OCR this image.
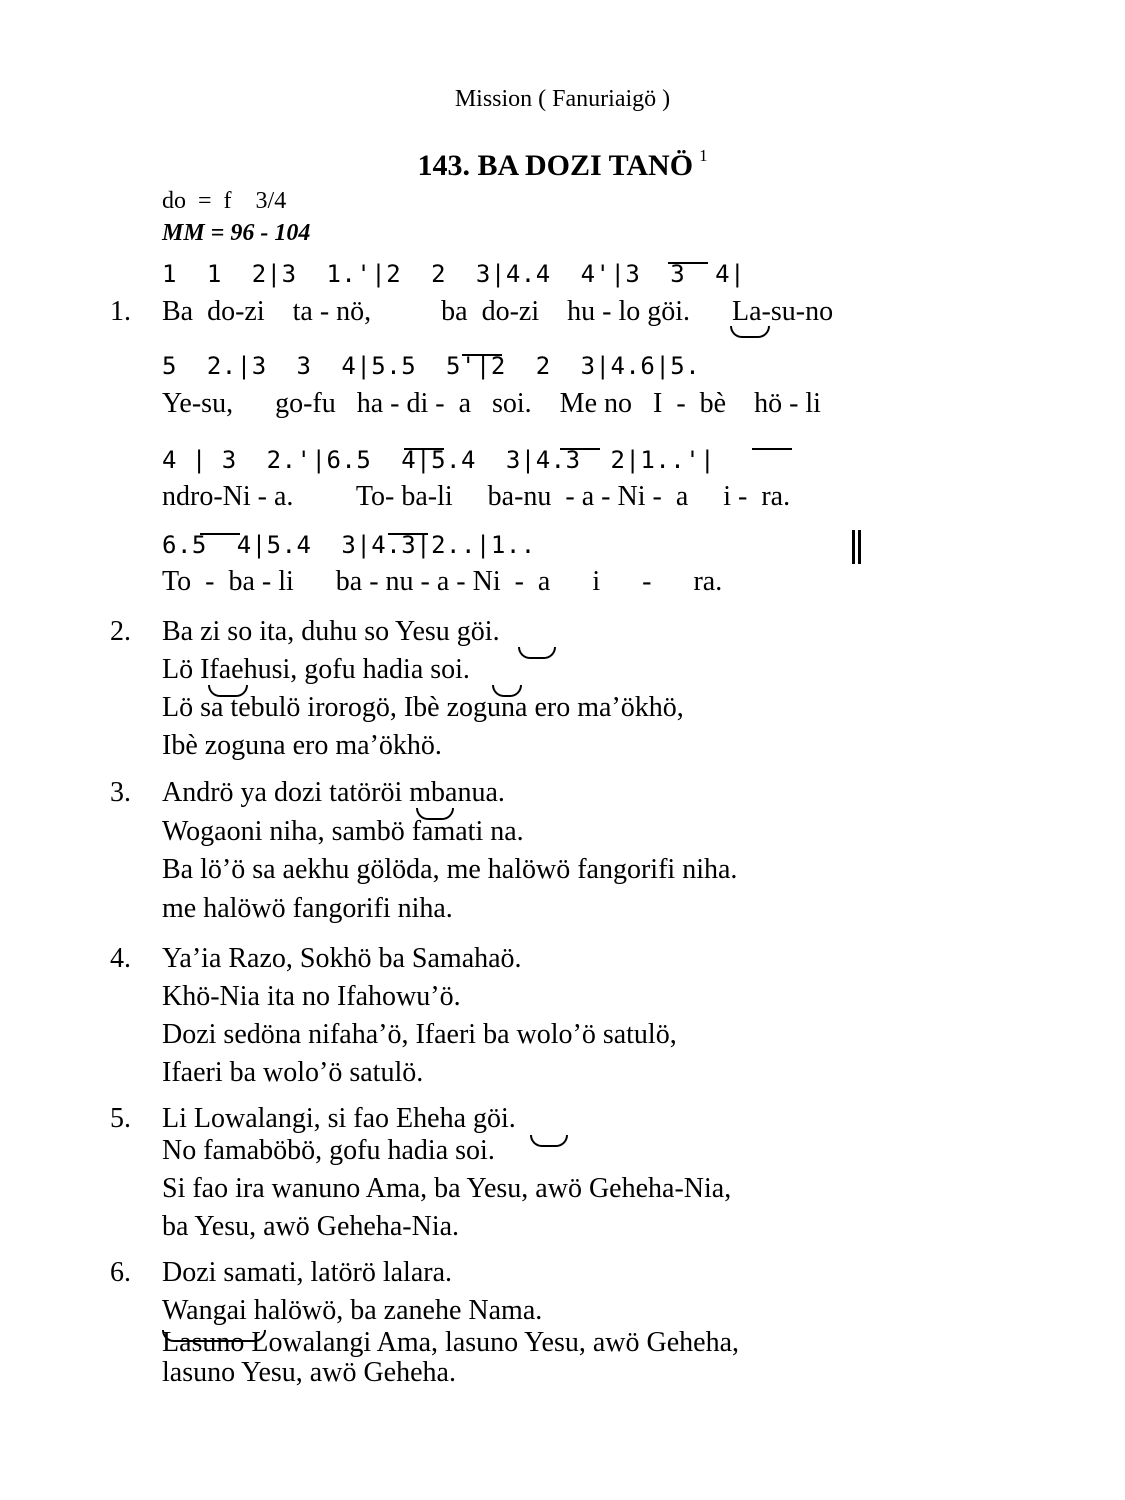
Mission ( Fanuriaigö )
143. BA DOZI TANÖ $^1$
do  =  f    3/4
MM = 96 - 104
1  1  2|3  1.'|2  2  3|4.4  4'|3  3  4|
1. Ba  do-zi    ta - nö,          ba  do-zi    hu - lo göi.      La-su-no
5  2.|3  3  4|5.5  5'|2  2  3|4.6|5.
Ye-su,      go-fu   ha - di -  a   soi.    Me no   I  -  bè    hö - li
4 | 3  2.'|6.5  4|5.4  3|4.3  2|1..'|
ndro-Ni - a.         To- ba-li     ba-nu  - a - Ni -  a     i -  ra.
6.5  4|5.4  3|4.3|2..|1..
To  -  ba - li      ba - nu - a - Ni  -  a      i      -      ra.
2. Ba zi so ita, duhu so Yesu göi.
Lö Ifaehusi, gofu hadia soi.
Lö sa tebulö irorogö, Ibè zoguna ero ma’ökhö,
Ibè zoguna ero ma’ökhö.
3. Andrö ya dozi tatöröi mbanua.
Wogaoni niha, sambö famati na.
Ba lö’ö sa aekhu gölöda, me halöwö fangorifi niha.
me halöwö fangorifi niha.
4. Ya’ia Razo, Sokhö ba Samahaö.
Khö-Nia ita no Ifahowu’ö.
Dozi sedöna nifaha’ö, Ifaeri ba wolo’ö satulö,
Ifaeri ba wolo’ö satulö.
5. Li Lowalangi, si fao Eheha göi.
No famaböbö, gofu hadia soi.
Si fao ira wanuno Ama, ba Yesu, awö Geheha-Nia,
ba Yesu, awö Geheha-Nia.
6. Dozi samati, latörö lalara.
Wangai halöwö, ba zanehe Nama.
Lasuno Lowalangi Ama, lasuno Yesu, awö Geheha,
lasuno Yesu, awö Geheha.
